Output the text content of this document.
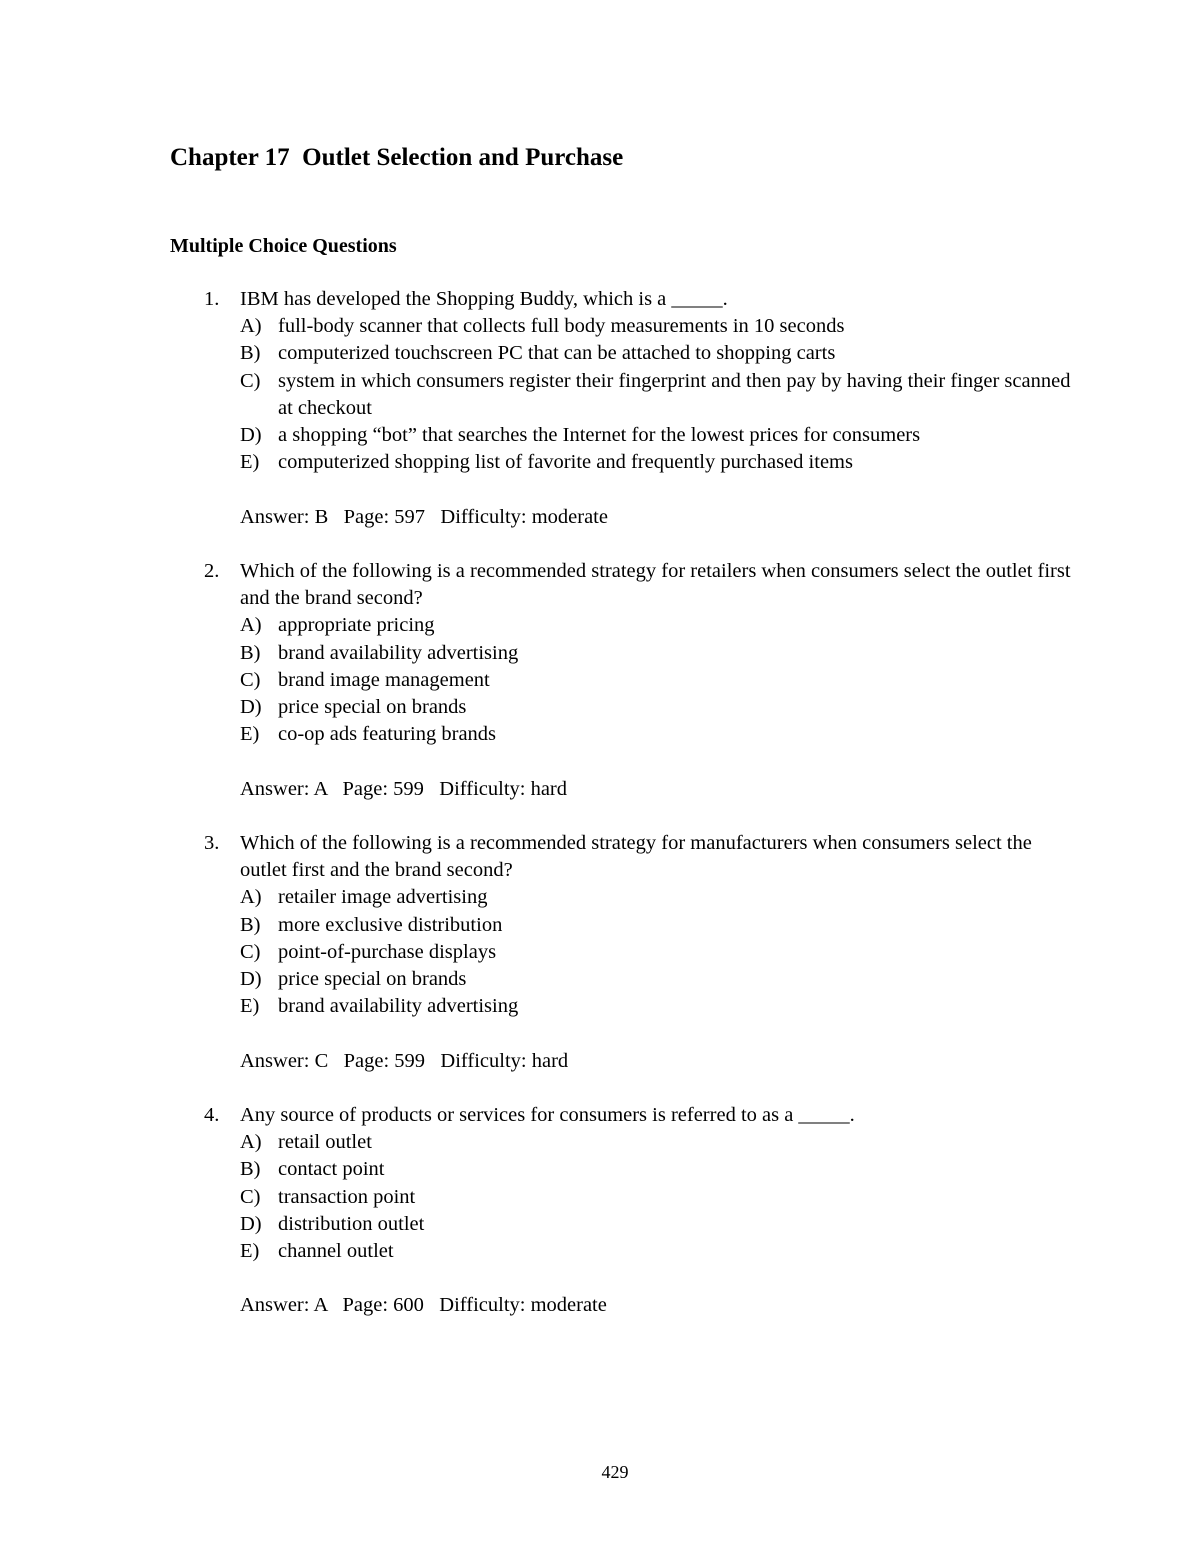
Chapter 17  Outlet Selection and Purchase
Multiple Choice Questions
1. IBM has developed the Shopping Buddy, which is a _____.
A) full-body scanner that collects full body measurements in 10 seconds
B) computerized touchscreen PC that can be attached to shopping carts
C) system in which consumers register their fingerprint and then pay by having their finger scanned at checkout
D) a shopping “bot” that searches the Internet for the lowest prices for consumers
E) computerized shopping list of favorite and frequently purchased items
Answer: B   Page: 597   Difficulty: moderate
2. Which of the following is a recommended strategy for retailers when consumers select the outlet first and the brand second?
A) appropriate pricing
B) brand availability advertising
C) brand image management
D) price special on brands
E) co-op ads featuring brands
Answer: A   Page: 599   Difficulty: hard
3. Which of the following is a recommended strategy for manufacturers when consumers select the outlet first and the brand second?
A) retailer image advertising
B) more exclusive distribution
C) point-of-purchase displays
D) price special on brands
E) brand availability advertising
Answer: C   Page: 599   Difficulty: hard
4. Any source of products or services for consumers is referred to as a _____.
A) retail outlet
B) contact point
C) transaction point
D) distribution outlet
E) channel outlet
Answer: A   Page: 600   Difficulty: moderate
429
